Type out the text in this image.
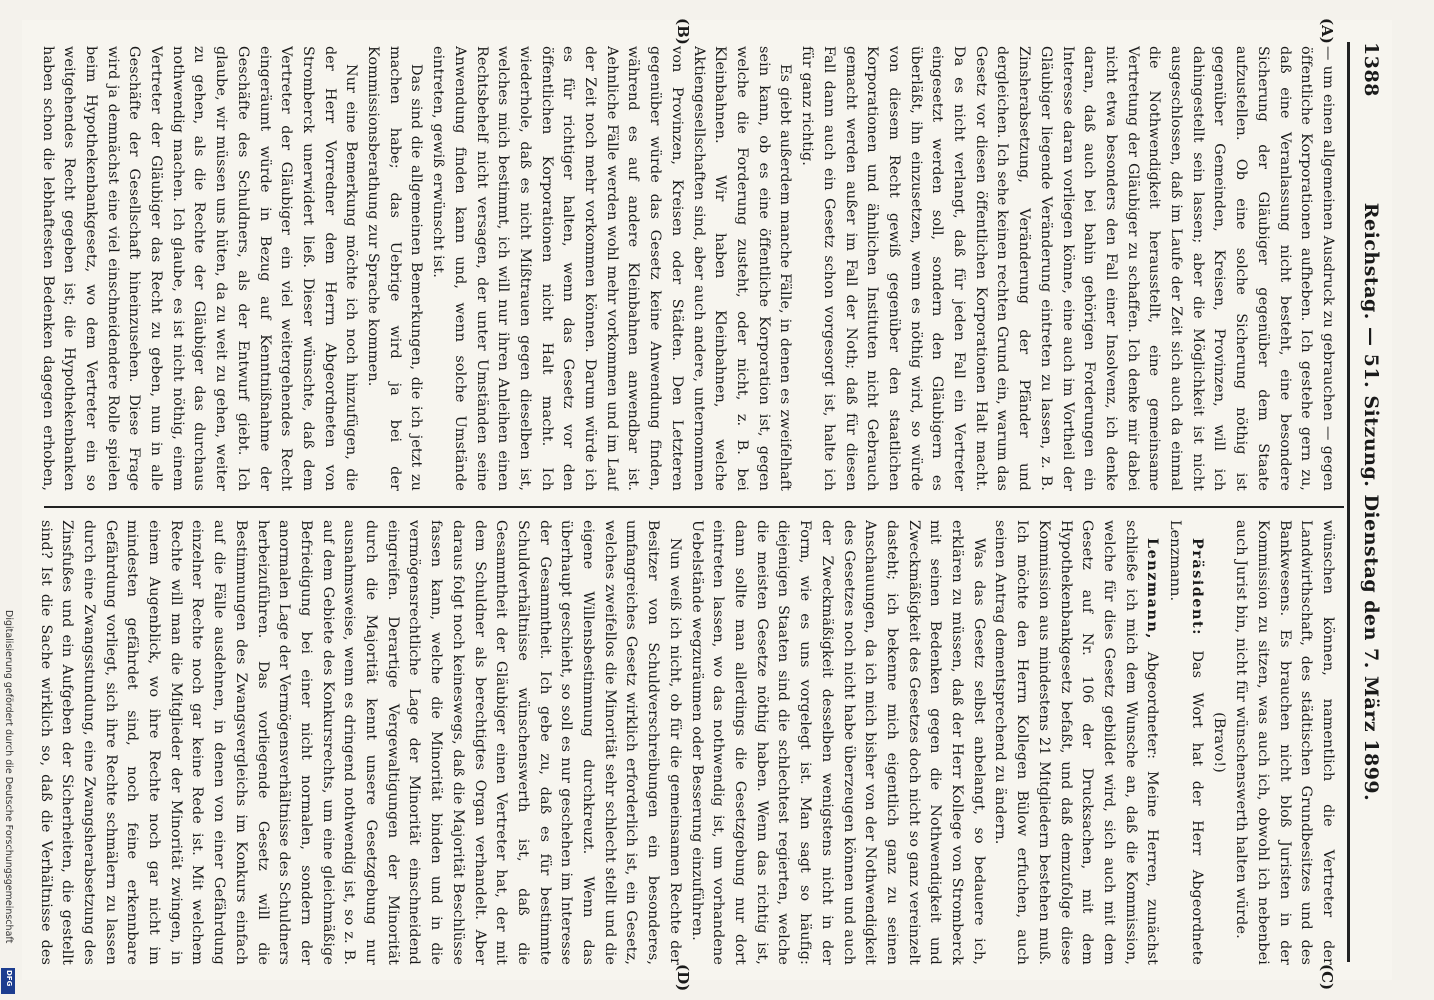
1388
Reichstag. — 51. Sitzung. Dienstag den 7. März 1899.
(A)
(B)
(C)
(D)

— um einen allgemeinen Ausdruck zu gebrauchen — gegen öffentliche Korporationen aufheben. Ich gestehe gern zu, daß eine Veranlassung nicht besteht, eine besondere Sicherung der Gläubiger gegenüber dem Staate aufzustellen. Ob eine solche Sicherung nöthig ist gegenüber Gemeinden, Kreisen, Provinzen, will ich dahingestellt sein lassen; aber die Möglichkeit ist nicht ausgeschlossen, daß im Laufe der Zeit sich auch da einmal die Nothwendigkeit herausstellt, eine gemeinsame Vertretung der Gläubiger zu schaffen. Ich denke mir dabei nicht etwa besonders den Fall einer Insolvenz, ich denke daran, daß auch bei bahin gehörigen Forderungen ein Interesse daran vorliegen könne, eine auch im Vortheil der Gläubiger liegende Veränderung eintreten zu lassen, z. B. Zinsherabsetzung, Veränderung der Pfänder und dergleichen. Ich sehe keinen rechten Grund ein, warum das Gesetz vor diesen öffentlichen Korporationen Halt macht. Da es nicht verlangt, daß für jeden Fall ein Vertreter eingesetzt werden soll, sondern den Gläubigern es überläßt, ihn einzusetzen, wenn es nöthig wird, so würde von diesem Recht gewiß gegenüber den staatlichen Korporationen und ähnlichen Instituten nicht Gebrauch gemacht werden außer im Fall der Noth; daß für diesen Fall dann auch ein Gesetz schon vorgesorgt ist, halte ich für ganz richtig.

Es giebt außerdem manche Fälle, in denen es zweifelhaft sein kann, ob es eine öffentliche Korporation ist, gegen welche die Forderung zusteht, oder nicht, z. B. bei Kleinbahnen. Wir haben Kleinbahnen, welche Aktiengesellschaften sind, aber auch andere, unternommen von Provinzen, Kreisen oder Städten. Den Letzteren gegenüber würde das Gesetz keine Anwendung finden, während es auf andere Kleinbahnen anwendbar ist. Aehnliche Fälle werden wohl mehr vorkommen und im Lauf der Zeit noch mehr vorkommen können. Darum würde ich es für richtiger halten, wenn das Gesetz vor den öffentlichen Korporationen nicht Halt macht. Ich wiederhole, daß es nicht Mißtrauen gegen dieselben ist, welches mich bestimmt, ich will nur ihren Anleihen einen Rechtsbehelf nicht versagen, der unter Umständen seine Anwendung finden kann und, wenn solche Umstände eintreten, gewiß erwünscht ist.

Das sind die allgemeinen Bemerkungen, die ich jetzt zu machen habe; das Uebrige wird ja bei der Kommissionsberathung zur Sprache kommen.

Nur eine Bemerkung möchte ich noch hinzufügen, die der Herr Vorredner dem Herrn Abgeordneten von Stromberck unerwidert ließ. Dieser wünschte, daß dem Vertreter der Gläubiger ein viel weitergehendes Recht eingeräumt würde in Bezug auf Kenntnißnahme der Geschäfte des Schuldners, als der Entwurf giebt. Ich glaube, wir müssen uns hüten, da zu weit zu gehen, weiter zu gehen, als die Rechte der Gläubiger das durchaus nothwendig machen. Ich glaube, es ist nicht nöthig, einem Vertreter der Gläubiger das Recht zu geben, nun in alle Geschäfte der Gesellschaft hineinzusehen. Diese Frage wird ja demnächst eine viel einschneidendere Rolle spielen beim Hypothekenbankgesetz, wo dem Vertreter ein so weitgehendes Recht gegeben ist; die Hypothekenbanken haben schon die lebhaftesten Bedenken dagegen erhoben,

wünschen können, namentlich die Vertreter der Landwirthschaft, des städtischen Grundbesitzes und des Bankwesens. Es brauchen nicht bloß Juristen in der Kommission zu sitzen, was auch ich, obwohl ich nebenbei auch Jurist bin, nicht für wünschenswerth halten würde.

(Bravo!)

Präsident: Das Wort hat der Herr Abgeordnete Lenzmann.

Lenzmann, Abgeordneter: Meine Herren, zunächst schließe ich mich dem Wunsche an, daß die Kommission, welche für dies Gesetz gebildet wird, sich auch mit dem Gesetz auf Nr. 106 der Drucksachen, mit dem Hypothekenbankgesetz befaßt, und daß demzufolge diese Kommission aus mindestens 21 Mitgliedern bestehen muß. Ich möchte den Herrn Kollegen Bülow erfuchen, auch seinen Antrag dementsprechend zu ändern.

Was das Gesetz selbst anbelangt, so bedauere ich, erklären zu müssen, daß der Herr Kollege von Stromberck mit seinen Bedenken gegen die Nothwendigkeit und Zweckmäßigkeit des Gesetzes doch nicht so ganz vereinzelt dasteht; ich bekenne mich eigentlich ganz zu seinen Anschauungen, da ich mich bisher von der Nothwendigkeit des Gesetzes noch nicht habe überzeugen können und auch der Zweckmäßigkeit desselben wenigstens nicht in der Form, wie es uns vorgelegt ist. Man sagt so häufig: diejenigen Staaten sind die schlechtest regierten, welche die meisten Gesetze nöthig haben. Wenn das richtig ist, dann sollte man allerdings die Gesetzgebung nur dort eintreten lassen, wo das nothwendig ist, um vorhandene Uebelstände wegzuräumen oder Besserung einzuführen.

Nun weiß ich nicht, ob für die gemeinsamen Rechte der Besitzer von Schuldverschreibungen ein besonderes, umfangreiches Gesetz wirklich erforderlich ist, ein Gesetz, welches zweifellos die Minorität sehr schlecht stellt und die eigene Willensbestimmung durchkreuzt. Wenn das überhaupt geschieht, so soll es nur geschehen im Interesse der Gesammtheit. Ich gebe zu, daß es für bestimmte Schuldverhältnisse wünschenswerth ist, daß die Gesammtheit der Gläubiger einen Vertreter hat, der mit dem Schuldner als berechtigtes Organ verhandelt. Aber daraus folgt noch keineswegs, daß die Majorität Beschlüsse fassen kann, welche die Minorität binden und in die vermögensrechtliche Lage der Minorität einschneidend eingreifen. Derartige Vergewaltigungen der Minorität durch die Majorität kennt unsere Gesetzgebung nur ausnahmsweise, wenn es dringend nothwendig ist, so z. B. auf dem Gebiete des Konkursrechts, um eine gleichmäßige Befriedigung bei einer nicht normalen, sondern der anormalen Lage der Vermögensverhältnisse des Schuldners herbeizuführen. Das vorliegende Gesetz will die Bestimmungen des Zwangsvergleichs im Konkurs einfach auf die Fälle ausdehnen, in denen von einer Gefährdung einzelner Rechte noch gar keine Rede ist. Mit welchem Rechte will man die Mitglieder der Minorität zwingen, in einem Augenblick, wo ihre Rechte noch gar nicht im mindesten gefährdet sind, noch feine erkennbare Gefährdung vorliegt, sich ihre Rechte schmälern zu lassen durch eine Zwangsstundung, eine Zwangsherabsetzung des Zinsfußes und ein Aufgeben der Sicherheiten, die gestellt sind? Ist die Sache wirklich so, daß die Verhältnisse des

Digitalisierung gefördert durch die Deutsche Forschungsgemeinschaft
DFG
